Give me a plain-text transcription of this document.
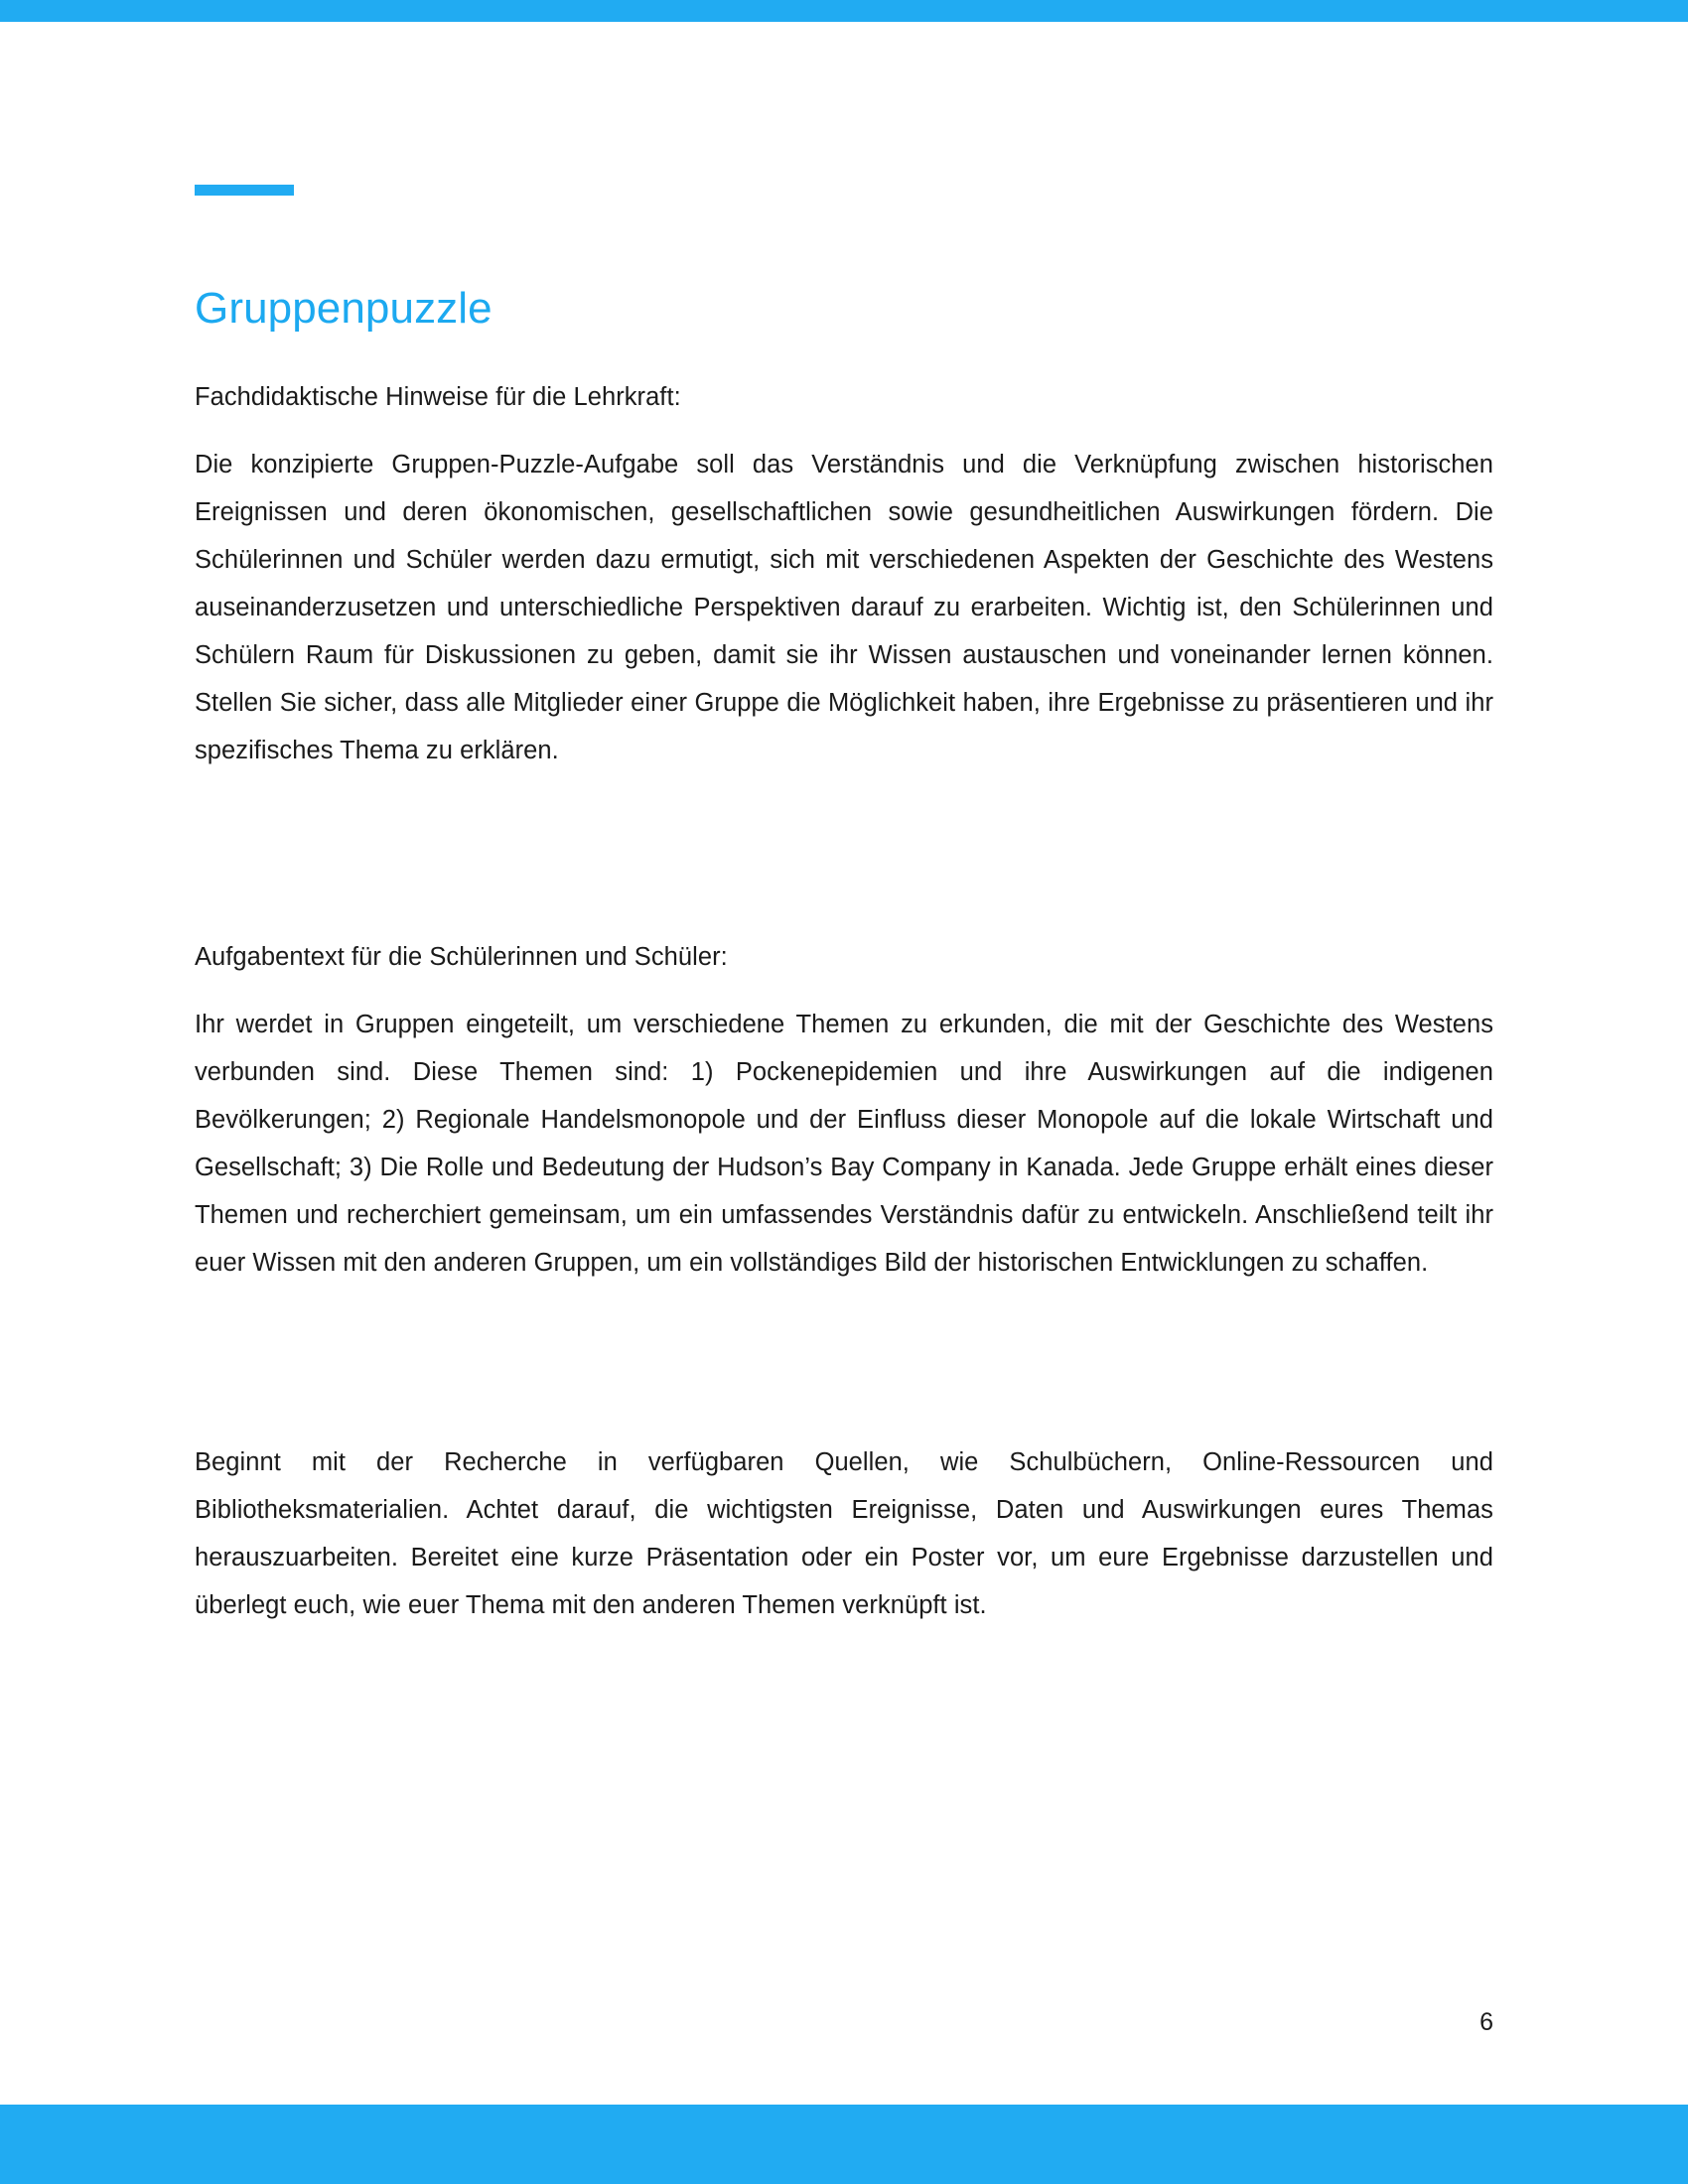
Gruppenpuzzle

Fachdidaktische Hinweise für die Lehrkraft:

Die konzipierte Gruppen-Puzzle-Aufgabe soll das Verständnis und die Verknüpfung zwischen historischen Ereignissen und deren ökonomischen, gesellschaftlichen sowie gesundheitlichen Auswirkungen fördern. Die Schülerinnen und Schüler werden dazu ermutigt, sich mit verschiedenen Aspekten der Geschichte des Westens auseinanderzusetzen und unterschiedliche Perspektiven darauf zu erarbeiten. Wichtig ist, den Schülerinnen und Schülern Raum für Diskussionen zu geben, damit sie ihr Wissen austauschen und voneinander lernen können. Stellen Sie sicher, dass alle Mitglieder einer Gruppe die Möglichkeit haben, ihre Ergebnisse zu präsentieren und ihr spezifisches Thema zu erklären.

Aufgabentext für die Schülerinnen und Schüler:

Ihr werdet in Gruppen eingeteilt, um verschiedene Themen zu erkunden, die mit der Geschichte des Westens verbunden sind. Diese Themen sind: 1) Pockenepidemien und ihre Auswirkungen auf die indigenen Bevölkerungen; 2) Regionale Handelsmonopole und der Einfluss dieser Monopole auf die lokale Wirtschaft und Gesellschaft; 3) Die Rolle und Bedeutung der Hudson’s Bay Company in Kanada. Jede Gruppe erhält eines dieser Themen und recherchiert gemeinsam, um ein umfassendes Verständnis dafür zu entwickeln. Anschließend teilt ihr euer Wissen mit den anderen Gruppen, um ein vollständiges Bild der historischen Entwicklungen zu schaffen.

Beginnt mit der Recherche in verfügbaren Quellen, wie Schulbüchern, Online-Ressourcen und Bibliotheksmaterialien. Achtet darauf, die wichtigsten Ereignisse, Daten und Auswirkungen eures Themas herauszuarbeiten. Bereitet eine kurze Präsentation oder ein Poster vor, um eure Ergebnisse darzustellen und überlegt euch, wie euer Thema mit den anderen Themen verknüpft ist.

6
